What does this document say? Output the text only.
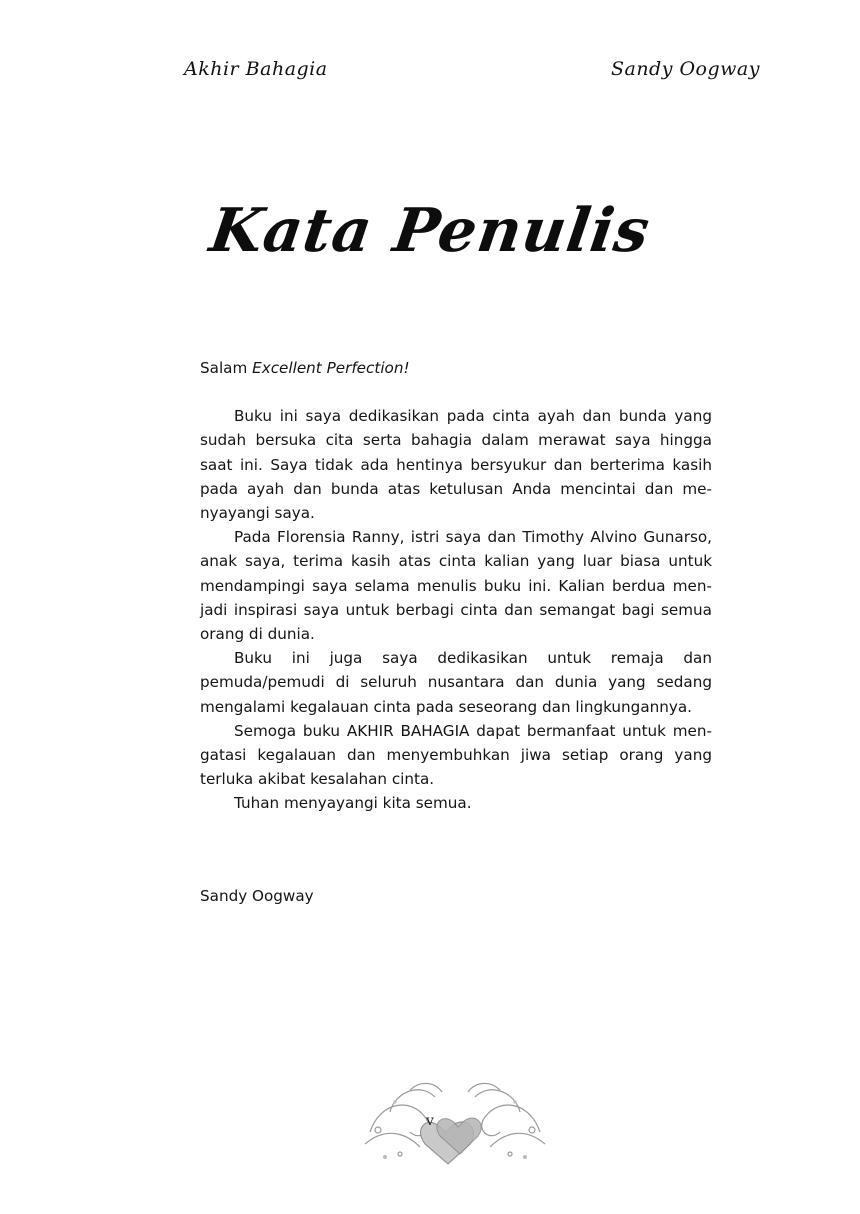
Akhir Bahagia	Sandy Oogway
Kata Penulis

Salam Excellent Perfection!

Buku ini saya dedikasikan pada cinta ayah dan bunda yang sudah bersuka cita serta bahagia dalam merawat saya hingga saat ini. Saya tidak ada hentinya bersyukur dan berterima kasih pada ayah dan bunda atas ketulusan Anda mencintai dan menyayangi saya.

Pada Florensia Ranny, istri saya dan Timothy Alvino Gunarso, anak saya, terima kasih atas cinta kalian yang luar biasa untuk mendampingi saya selama menulis buku ini. Kalian berdua menjadi inspirasi saya untuk berbagi cinta dan semangat bagi semua orang di dunia.

Buku ini juga saya dedikasikan untuk remaja dan pemuda/pemudi di seluruh nusantara dan dunia yang sedang mengalami kegalauan cinta pada seseorang dan lingkungannya.

Semoga buku AKHIR BAHAGIA dapat bermanfaat untuk mengatasi kegalauan dan menyembuhkan jiwa setiap orang yang terluka akibat kesalahan cinta.

Tuhan menyayangi kita semua.

Sandy Oogway
v
